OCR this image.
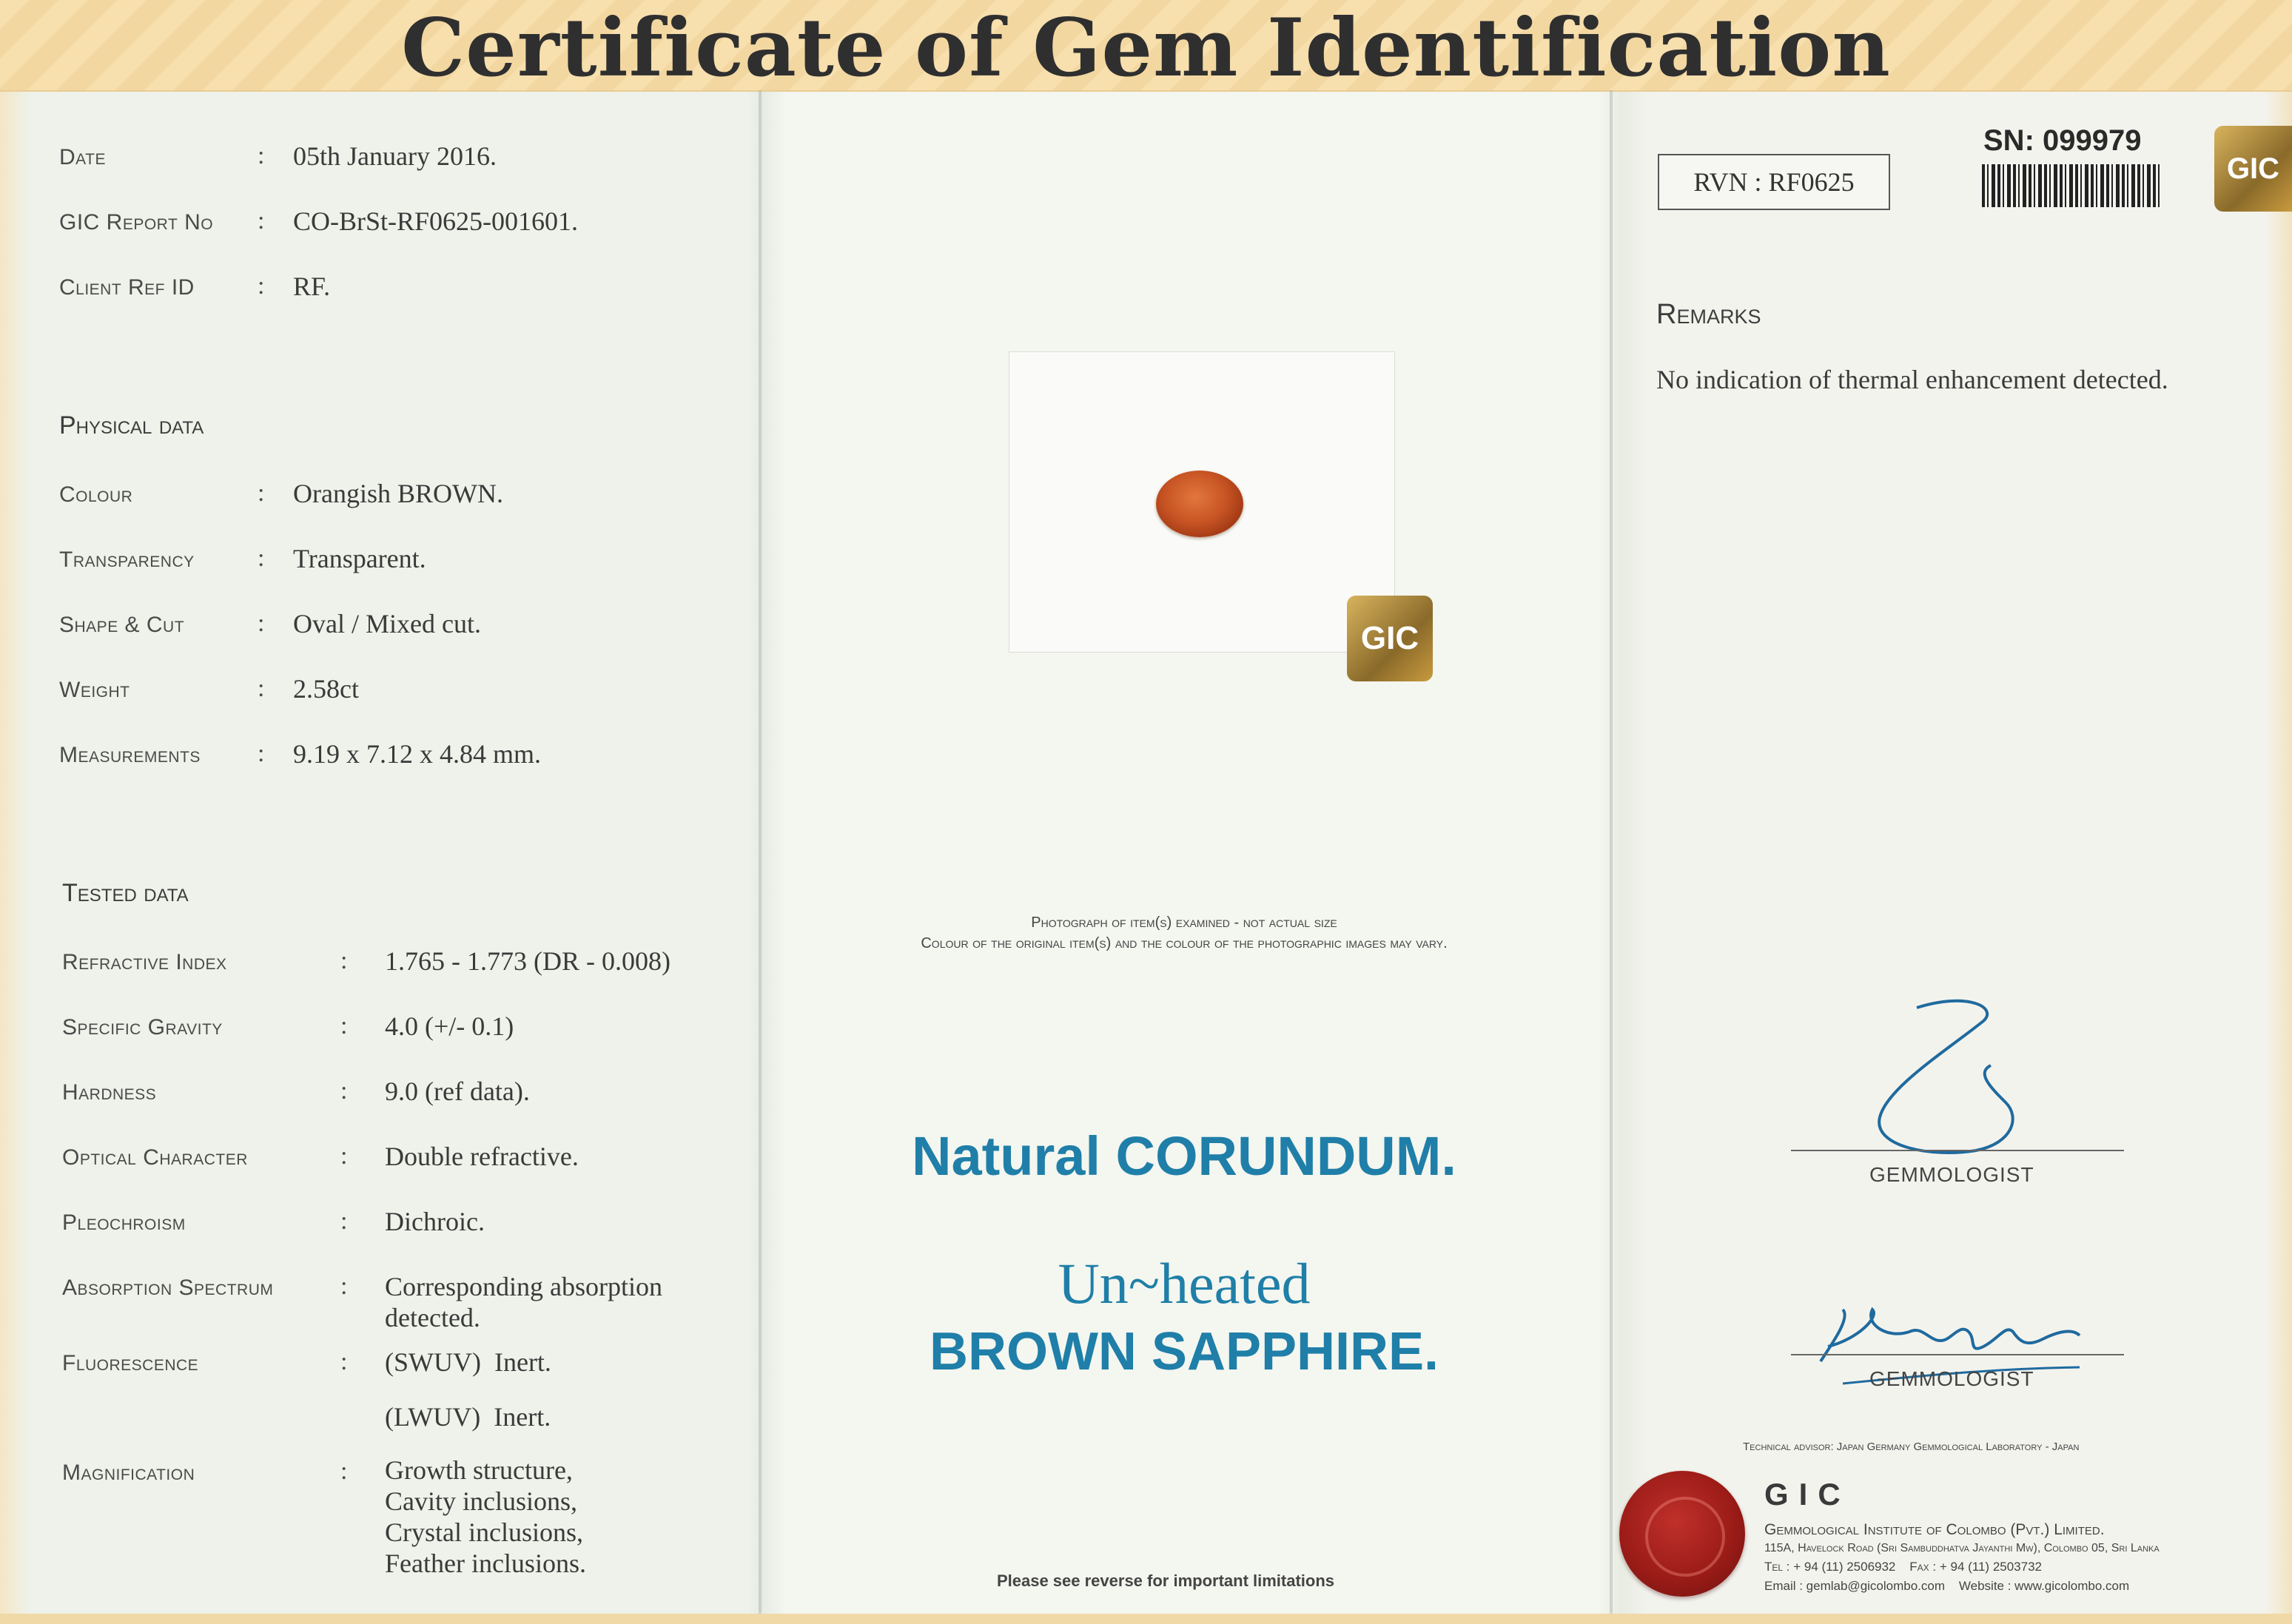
Certificate of Gem Identification
Date	: 05th January 2016.
GIC Report No : CO-BrSt-RF0625-001601.
Client Ref ID	: RF.
Physical data
Colour	: Orangish BROWN.
Transparency	: Transparent.
Shape & Cut	: Oval / Mixed cut.
Weight	: 2.58ct
Measurements : 9.19 x 7.12 x 4.84 mm.
Tested data
Refractive Index	: 1.765 - 1.773 (DR - 0.008)
Specific Gravity	: 4.0 (+/- 0.1)
Hardness	: 9.0 (ref data).
Optical Character	: Double refractive.
Pleochroism	: Dichroic.
Absorption Spectrum	: Corresponding absorption detected.
Fluorescence	: (SWUV)  Inert.
(LWUV)  Inert.
Magnification	: Growth structure, Cavity inclusions, Crystal inclusions, Feather inclusions.
GIC
Photograph of item(s) examined - not actual size
Colour of the original item(s) and the colour of the photographic images may vary.
Natural CORUNDUM.
Un~heated
BROWN SAPPHIRE.
Please see reverse for important limitations
RVN : RF0625
SN: 099979
GIC
Remarks
No indication of thermal enhancement detected.
GEMMOLOGIST
GEMMOLOGIST
Technical advisor: Japan Germany Gemmological Laboratory - Japan
GIC
Gemmological Institute of Colombo (Pvt.) Limited.
115A, Havelock Road (Sri Sambuddhatva Jayanthi Mw), Colombo 05, Sri Lanka
Tel : + 94 (11) 2506932    Fax : + 94 (11) 2503732
Email : gemlab@gicolombo.com    Website : www.gicolombo.com
